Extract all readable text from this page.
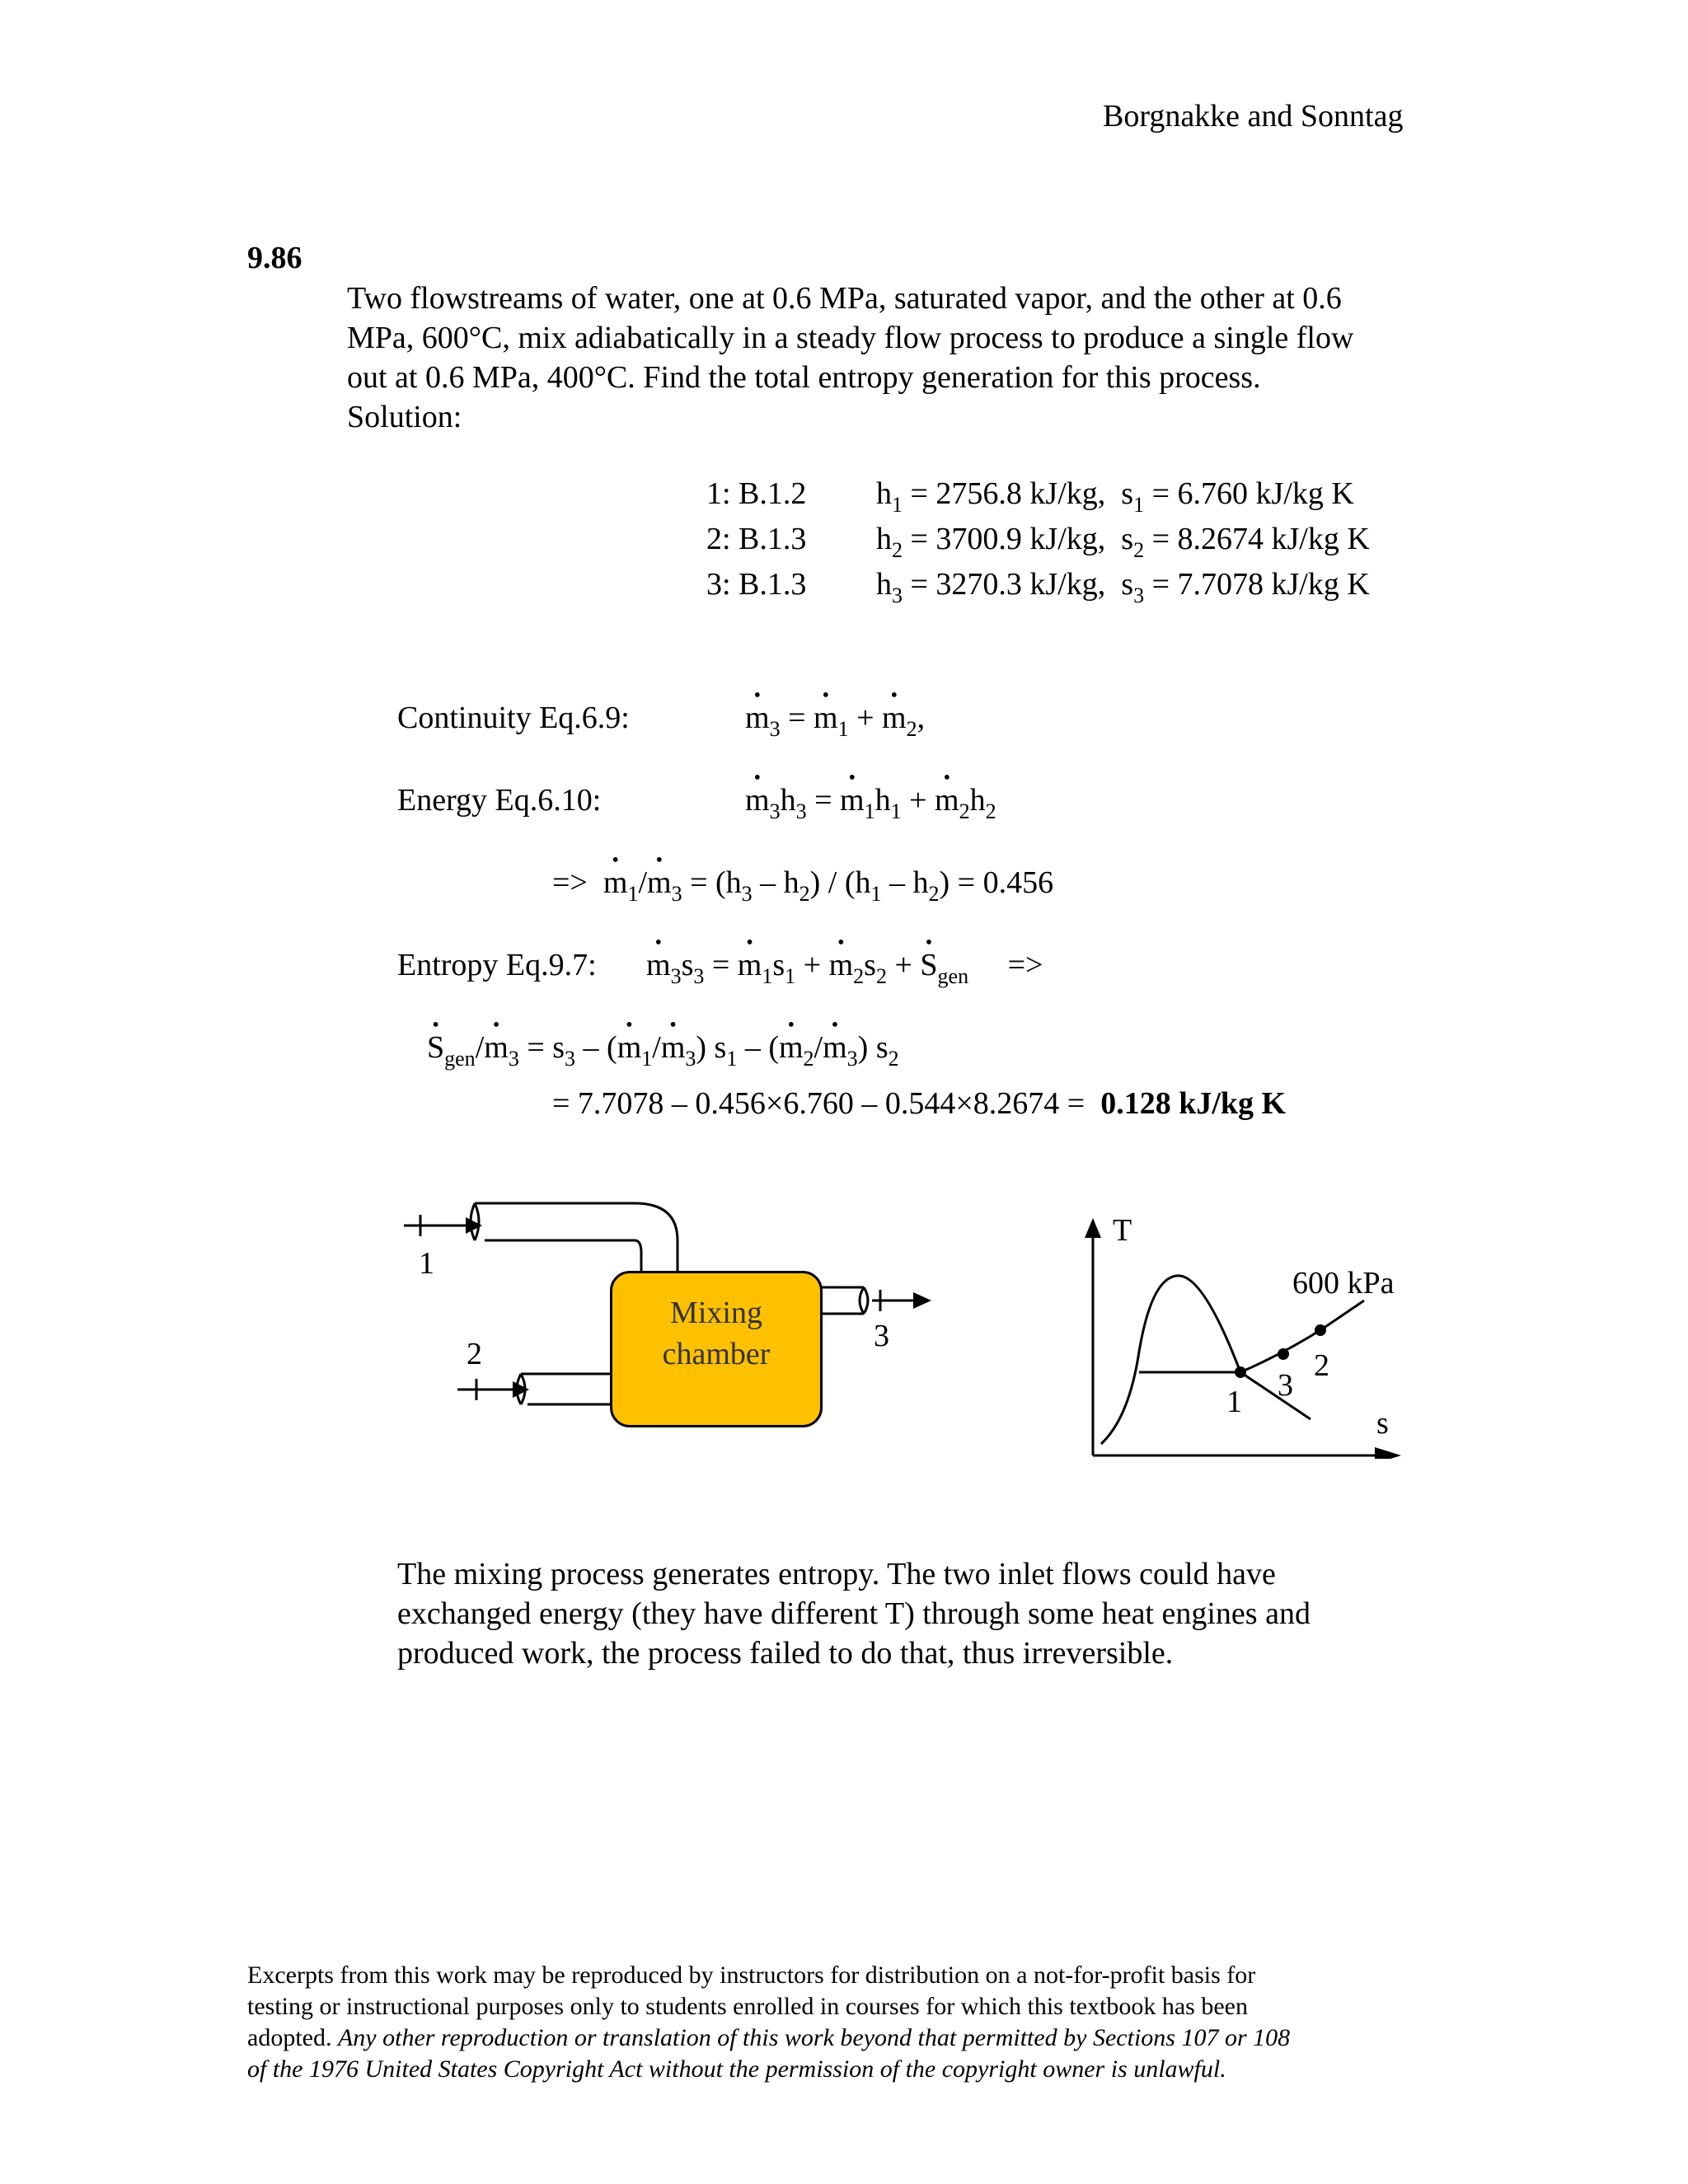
Borgnakke and Sonntag
9.86
Two flowstreams of water, one at 0.6 MPa, saturated vapor, and the other at 0.6
MPa, 600°C, mix adiabatically in a steady flow process to produce a single flow
out at 0.6 MPa, 400°C. Find the total entropy generation for this process.
Solution:
1: B.1.2 $h_1 = 2756.8$ kJ/kg,  $s_1 = 6.760$ kJ/kg K
2: B.1.3 $h_2 = 3700.9$ kJ/kg,  $s_2 = 8.2674$ kJ/kg K
3: B.1.3 $h_3 = 3270.3$ kJ/kg,  $s_3 = 7.7078$ kJ/kg K
Continuity Eq.6.9:	• $m_3$ = • $m_1$ + • $m_2$,
Energy Eq.6.10:	• $m_3h_3$ = • $m_1h_1$ + • $m_2h_2$
=>  • $m_1/•$ $m_3 = (h_3 - h_2) / (h_1 - h_2) = 0.456$
Entropy Eq.9.7: • $m_3s_3$ = • $m_1s_1$ + • $m_2s_2$ + • $S_{gen}$     =>
• $S_{gen}/•$ $m_3 = s_3$ – (• $m_1/•$ $m_3$) $s_1$ – (• $m_2/•$ $m_3$) $s_2$
= 7.7078 – 0.456×6.760 – 0.544×8.2674 = 0.128 kJ/kg K
Mixing
chamber
1
2
3
T
s
600 kPa
1
2
3
The mixing process generates entropy. The two inlet flows could have
exchanged energy (they have different T) through some heat engines and
produced work, the process failed to do that, thus irreversible.
Excerpts from this work may be reproduced by instructors for distribution on a not-for-profit basis for
testing or instructional purposes only to students enrolled in courses for which this textbook has been
adopted. Any other reproduction or translation of this work beyond that permitted by Sections 107 or 108
of the 1976 United States Copyright Act without the permission of the copyright owner is unlawful.
